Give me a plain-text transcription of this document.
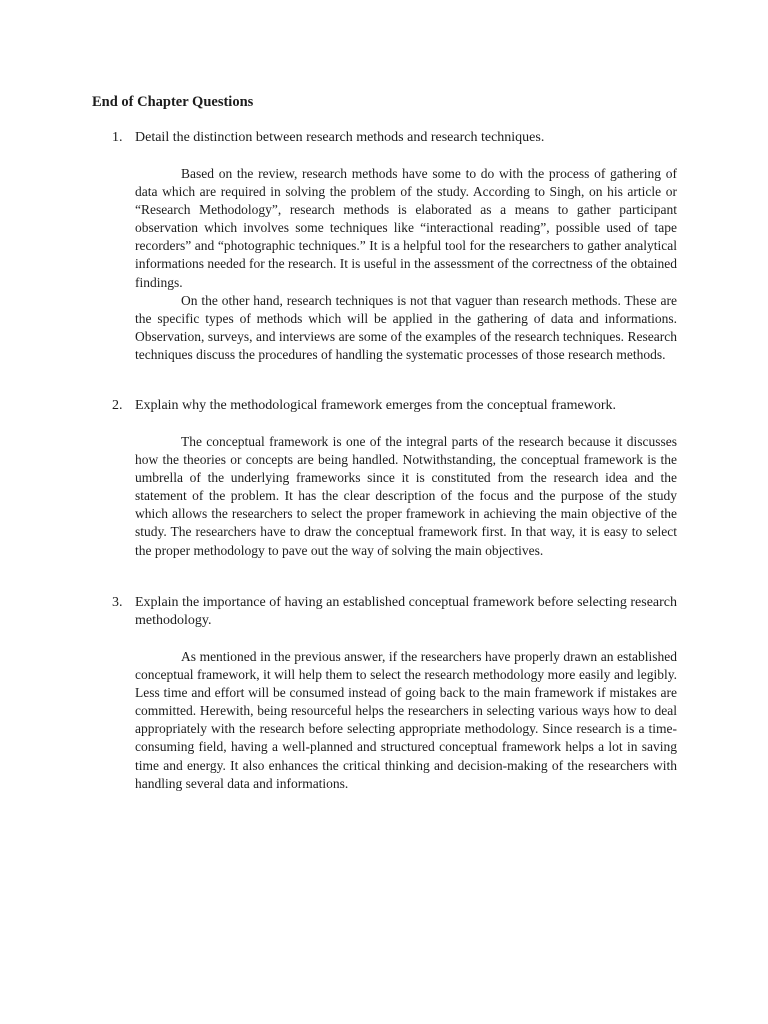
End of Chapter Questions
1. Detail the distinction between research methods and research techniques.

Based on the review, research methods have some to do with the process of gathering of data which are required in solving the problem of the study. According to Singh, on his article or “Research Methodology”, research methods is elaborated as a means to gather participant observation which involves some techniques like “interactional reading”, possible used of tape recorders” and “photographic techniques.” It is a helpful tool for the researchers to gather analytical informations needed for the research. It is useful in the assessment of the correctness of the obtained findings.

On the other hand, research techniques is not that vaguer than research methods. These are the specific types of methods which will be applied in the gathering of data and informations. Observation, surveys, and interviews are some of the examples of the research techniques. Research techniques discuss the procedures of handling the systematic processes of those research methods.

2. Explain why the methodological framework emerges from the conceptual framework.

The conceptual framework is one of the integral parts of the research because it discusses how the theories or concepts are being handled. Notwithstanding, the conceptual framework is the umbrella of the underlying frameworks since it is constituted from the research idea and the statement of the problem. It has the clear description of the focus and the purpose of the study which allows the researchers to select the proper framework in achieving the main objective of the study. The researchers have to draw the conceptual framework first. In that way, it is easy to select the proper methodology to pave out the way of solving the main objectives.

3. Explain the importance of having an established conceptual framework before selecting research methodology.

As mentioned in the previous answer, if the researchers have properly drawn an established conceptual framework, it will help them to select the research methodology more easily and legibly. Less time and effort will be consumed instead of going back to the main framework if mistakes are committed. Herewith, being resourceful helps the researchers in selecting various ways how to deal appropriately with the research before selecting appropriate methodology. Since research is a time-consuming field, having a well-planned and structured conceptual framework helps a lot in saving time and energy. It also enhances the critical thinking and decision-making of the researchers with handling several data and informations.
